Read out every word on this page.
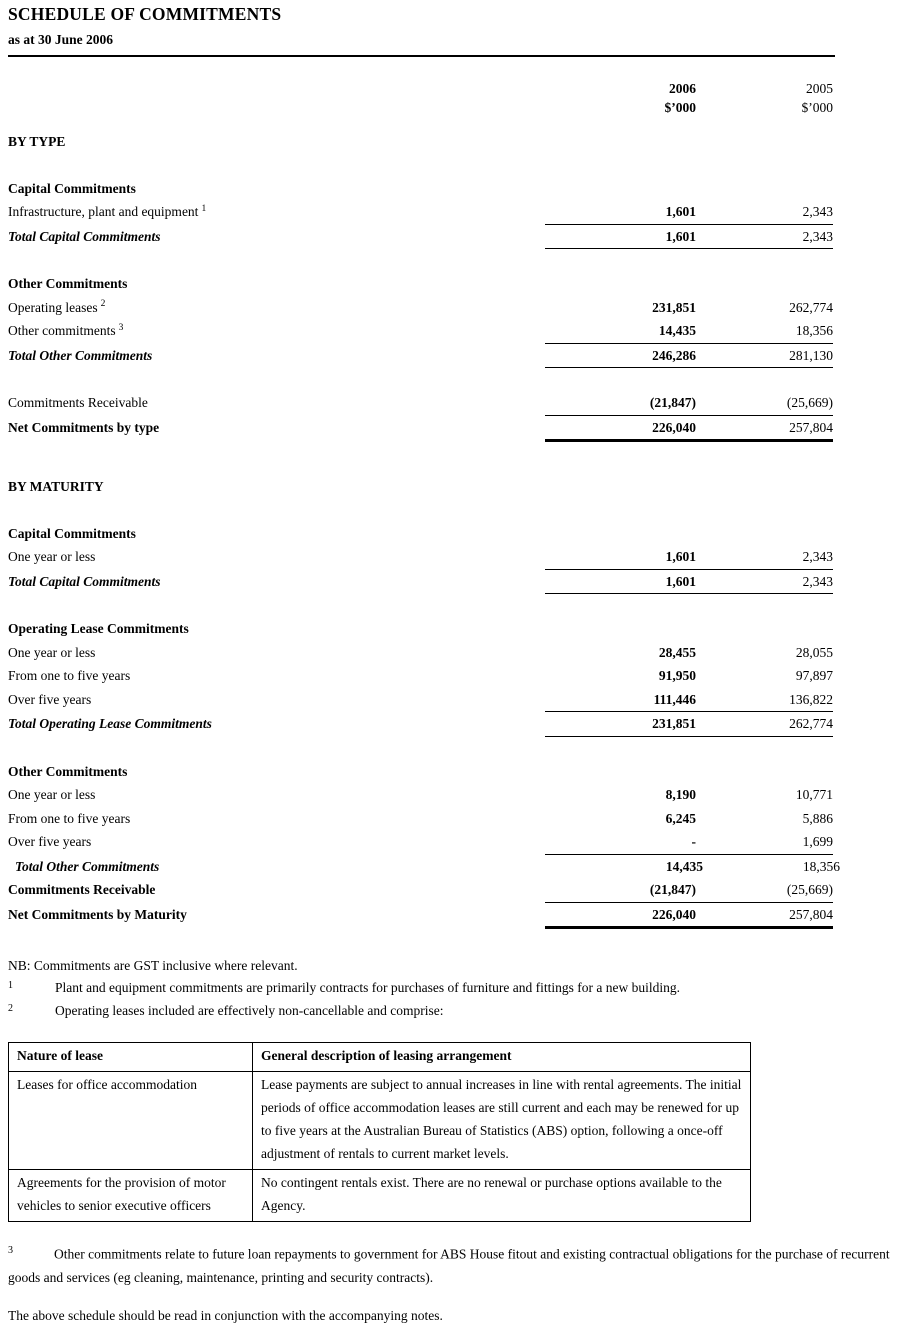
SCHEDULE OF COMMITMENTS
as at 30 June 2006
2006	2005
$’000	$’000
BY TYPE
Capital Commitments
Infrastructure, plant and equipment $^1$	1,601	2,343
Total Capital Commitments	1,601	2,343
Other Commitments
Operating leases $^2$	231,851	262,774
Other commitments $^3$	14,435	18,356
Total Other Commitments	246,286	281,130
Commitments Receivable	(21,847)	(25,669)
Net Commitments by type	226,040	257,804
BY MATURITY
Capital Commitments
One year or less	1,601	2,343
Total Capital Commitments	1,601	2,343
Operating Lease Commitments
One year or less	28,455	28,055
From one to five years	91,950	97,897
Over five years	111,446	136,822
Total Operating Lease Commitments	231,851	262,774
Other Commitments
One year or less	8,190	10,771
From one to five years	6,245	5,886
Over five years	-	1,699
Total Other Commitments	14,435	18,356
Commitments Receivable	(21,847)	(25,669)
Net Commitments by Maturity	226,040	257,804
NB: Commitments are GST inclusive where relevant.
1	Plant and equipment commitments are primarily contracts for purchases of furniture and fittings for a new building.
2	Operating leases included are effectively non-cancellable and comprise:
Nature of lease	General description of leasing arrangement
Leases for office accommodation	Lease payments are subject to annual increases in line with rental agreements. The initial periods of office accommodation leases are still current and each may be renewed for up to five years at the Australian Bureau of Statistics (ABS) option, following a once-off adjustment of rentals to current market levels.
Agreements for the provision of motor vehicles to senior executive officers	No contingent rentals exist. There are no renewal or purchase options available to the Agency.

$^3$	Other commitments relate to future loan repayments to government for ABS House fitout and existing contractual obligations for the purchase of recurrent goods and services (eg cleaning, maintenance, printing and security contracts).

The above schedule should be read in conjunction with the accompanying notes.
